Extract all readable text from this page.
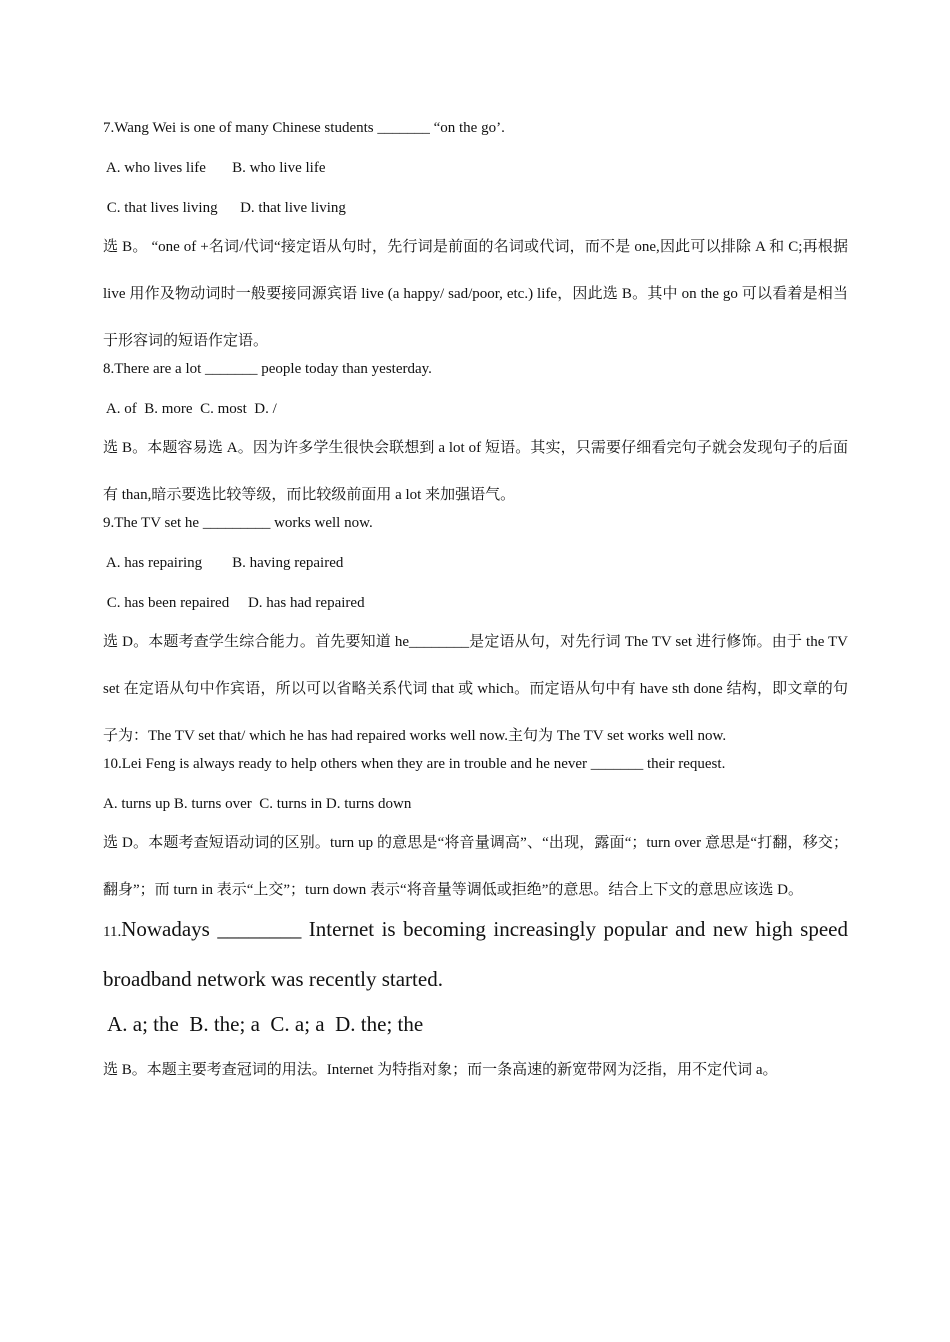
7.Wang Wei is one of many Chinese students _______ “on the go’.

A. who lives life       B. who live life

C. that lives living      D. that live living

选 B。 “one of +名词/代词“接定语从句时，先行词是前面的名词或代词，而不是 one,因此可以排除 A 和 C;再根据 live 用作及物动词时一般要接同源宾语 live (a happy/ sad/poor, etc.) life，因此选 B。其中 on the go 可以看着是相当于形容词的短语作定语。

8.There are a lot _______ people today than yesterday.

A. of  B. more  C. most  D. /

选 B。本题容易选 A。因为许多学生很快会联想到 a lot of 短语。其实，只需要仔细看完句子就会发现句子的后面有 than,暗示要选比较等级，而比较级前面用 a lot 来加强语气。

9.The TV set he _________ works well now.

A. has repairing        B. having repaired

C. has been repaired     D. has had repaired

选 D。本题考查学生综合能力。首先要知道 he________是定语从句，对先行词 The TV set 进行修饰。由于 the TV set 在定语从句中作宾语，所以可以省略关系代词 that 或 which。而定语从句中有 have sth done 结构，即文章的句子为：The TV set that/ which he has had repaired works well now.主句为 The TV set works well now.

10.Lei Feng is always ready to help others when they are in trouble and he never _______ their request.

A. turns up B. turns over  C. turns in D. turns down

选 D。本题考查短语动词的区别。turn up 的意思是“将音量调高”、“出现，露面“；turn over 意思是“打翻，移交；翻身”；而 turn in 表示“上交”；turn down 表示“将音量等调低或拒绝”的意思。结合上下文的意思应该选 D。

11.Nowadays ________ Internet is becoming increasingly popular and new high speed broadband network was recently started.

A. a; the  B. the; a  C. a; a  D. the; the

选 B。本题主要考查冠词的用法。Internet 为特指对象；而一条高速的新宽带网为泛指，用不定代词 a。
